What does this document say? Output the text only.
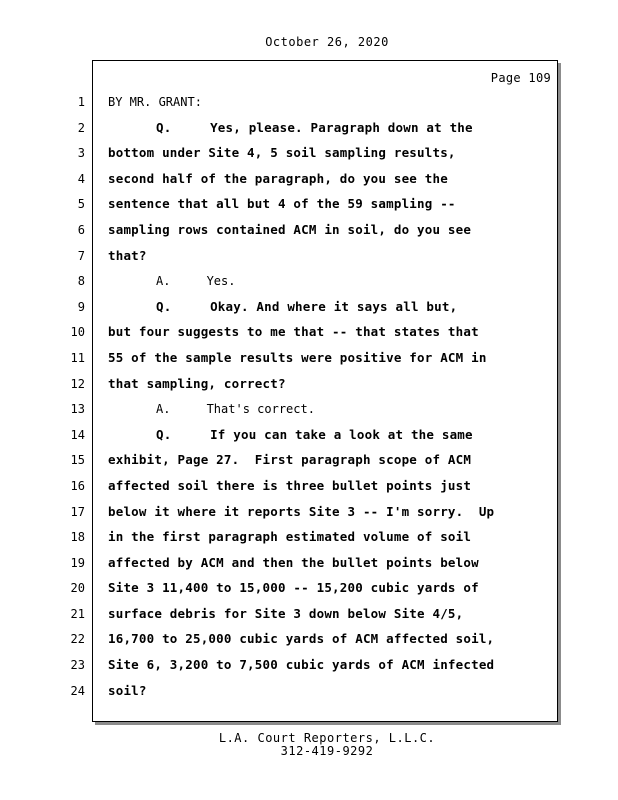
October 26, 2020
Page 109
1
2
3
4
5
6
7
8
9
10
11
12
13
14
15
16
17
18
19
20
21
22
23
24
BY MR. GRANT:
Q.     Yes, please. Paragraph down at the
bottom under Site 4, 5 soil sampling results,
second half of the paragraph, do you see the
sentence that all but 4 of the 59 sampling --
sampling rows contained ACM in soil, do you see
that?
A.     Yes.
Q.     Okay. And where it says all but,
but four suggests to me that -- that states that
55 of the sample results were positive for ACM in
that sampling, correct?
A.     That's correct.
Q.     If you can take a look at the same
exhibit, Page 27.  First paragraph scope of ACM
affected soil there is three bullet points just
below it where it reports Site 3 -- I'm sorry.  Up
in the first paragraph estimated volume of soil
affected by ACM and then the bullet points below
Site 3 11,400 to 15,000 -- 15,200 cubic yards of
surface debris for Site 3 down below Site 4/5,
16,700 to 25,000 cubic yards of ACM affected soil,
Site 6, 3,200 to 7,500 cubic yards of ACM infected
soil?
L.A. Court Reporters, L.L.C.
312-419-9292
